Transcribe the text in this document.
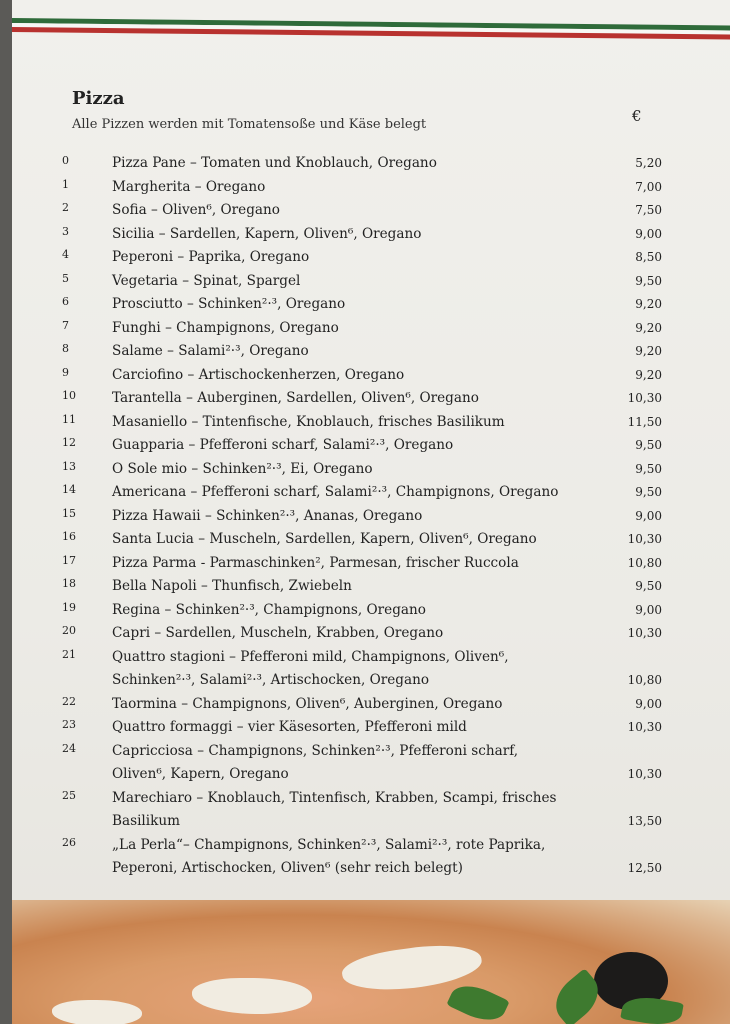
Pizza
Alle Pizzen werden mit Tomatensoße und Käse belegt	€
0	Pizza Pane – Tomaten und Knoblauch, Oregano	5,20
1	Margherita – Oregano	7,00
2	Sofia – Oliven⁶, Oregano	7,50
3	Sicilia – Sardellen, Kapern, Oliven⁶, Oregano	9,00
4	Peperoni – Paprika, Oregano	8,50
5	Vegetaria – Spinat, Spargel	9,50
6	Prosciutto – Schinken²·³, Oregano	9,20
7	Funghi – Champignons, Oregano	9,20
8	Salame – Salami²·³, Oregano	9,20
9	Carciofino – Artischockenherzen, Oregano	9,20
10	Tarantella – Auberginen, Sardellen, Oliven⁶, Oregano	10,30
11	Masaniello – Tintenfische, Knoblauch, frisches Basilikum	11,50
12	Guapparia – Pfefferoni scharf, Salami²·³, Oregano	9,50
13	O Sole mio – Schinken²·³, Ei, Oregano	9,50
14	Americana – Pfefferoni scharf, Salami²·³, Champignons, Oregano	9,50
15	Pizza Hawaii – Schinken²·³, Ananas, Oregano	9,00
16	Santa Lucia – Muscheln, Sardellen, Kapern, Oliven⁶, Oregano	10,30
17	Pizza Parma - Parmaschinken², Parmesan, frischer Ruccola	10,80
18	Bella Napoli – Thunfisch, Zwiebeln	9,50
19	Regina – Schinken²·³, Champignons, Oregano	9,00
20	Capri – Sardellen, Muscheln, Krabben, Oregano	10,30
21	Quattro stagioni – Pfefferoni mild, Champignons, Oliven⁶, Schinken²·³, Salami²·³, Artischocken, Oregano	10,80
22	Taormina – Champignons, Oliven⁶, Auberginen, Oregano	9,00
23	Quattro formaggi – vier Käsesorten, Pfefferoni mild	10,30
24	Capricciosa – Champignons, Schinken²·³, Pfefferoni scharf, Oliven⁶, Kapern, Oregano	10,30
25	Marechiaro – Knoblauch, Tintenfisch, Krabben, Scampi, frisches Basilikum	13,50
26	„La Perla“– Champignons, Schinken²·³, Salami²·³, rote Paprika, Peperoni, Artischocken, Oliven⁶ (sehr reich belegt)	12,50
